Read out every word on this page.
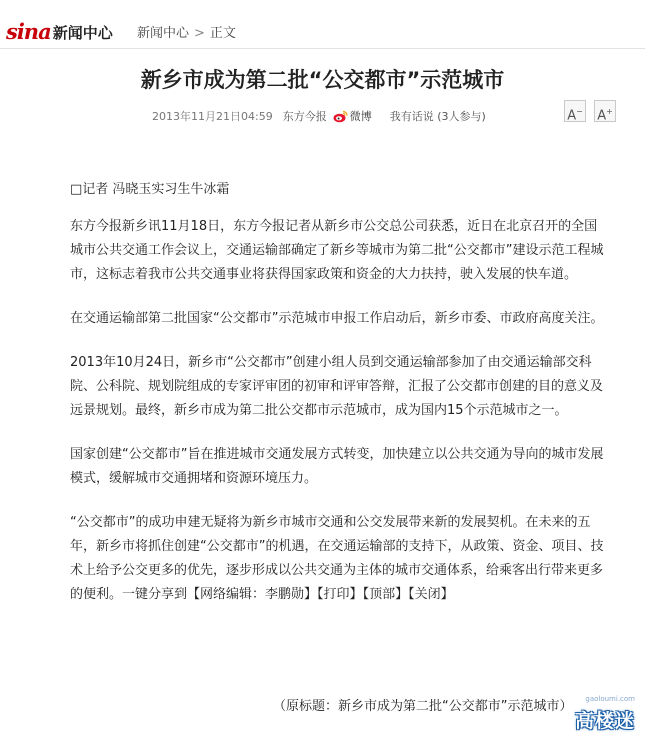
sina 新闻中心 新闻中心 > 正文
新乡市成为第二批“公交都市”示范城市
2013年11月21日04:59 东方今报 微博 我有话说 (3人参与)	A− A+

□记者 冯晓玉实习生牛冰霜

东方今报新乡讯11月18日，东方今报记者从新乡市公交总公司获悉，近日在北京召开的全国城市公共交通工作会议上，交通运输部确定了新乡等城市为第二批“公交都市”建设示范工程城市，这标志着我市公共交通事业将获得国家政策和资金的大力扶持，驶入发展的快车道。

在交通运输部第二批国家“公交都市”示范城市申报工作启动后，新乡市委、市政府高度关注。

2013年10月24日，新乡市“公交都市”创建小组人员到交通运输部参加了由交通运输部交科院、公科院、规划院组成的专家评审团的初审和评审答辩，汇报了公交都市创建的目的意义及远景规划。最终，新乡市成为第二批公交都市示范城市，成为国内15个示范城市之一。

国家创建“公交都市”旨在推进城市交通发展方式转变，加快建立以公共交通为导向的城市发展模式，缓解城市交通拥堵和资源环境压力。

“公交都市”的成功申建无疑将为新乡市城市交通和公交发展带来新的发展契机。在未来的五年，新乡市将抓住创建“公交都市”的机遇，在交通运输部的支持下，从政策、资金、项目、技术上给予公交更多的优先，逐步形成以公共交通为主体的城市交通体系，给乘客出行带来更多的便利。一键分享到【网络编辑：李鹏勋】【打印】【顶部】【关闭】

（原标题：新乡市成为第二批“公交都市”示范城市） gaoloumi.com
高楼迷
